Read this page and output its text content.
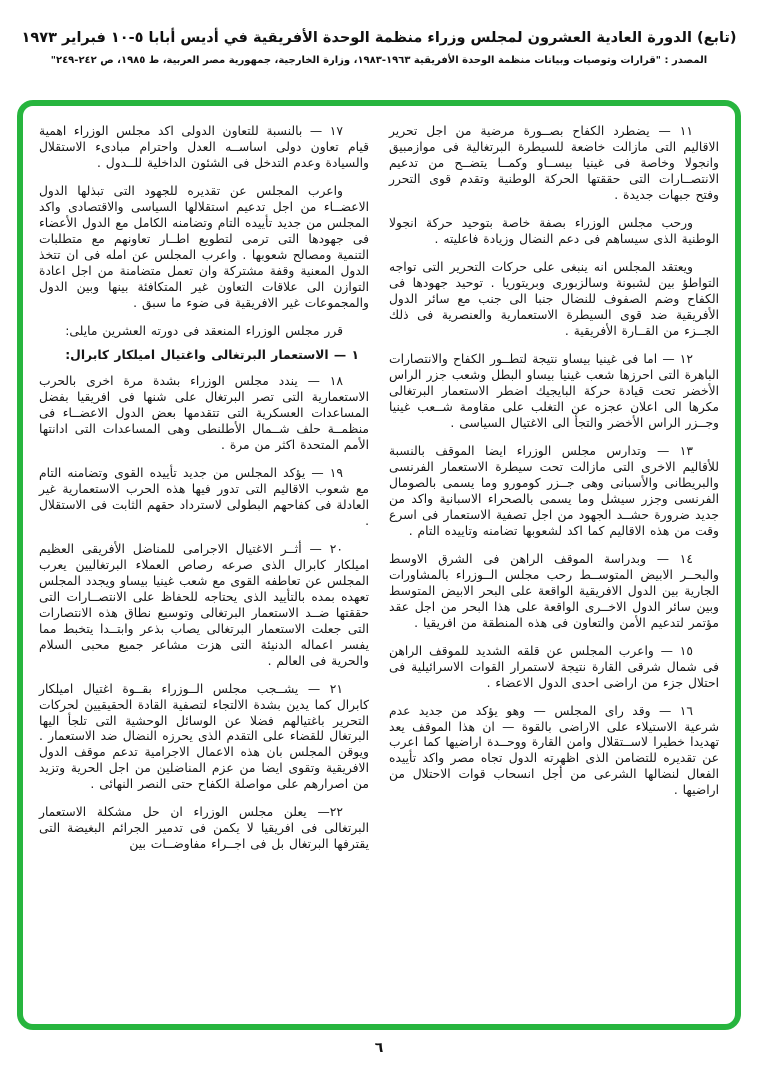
(تابع) الدورة العادية العشرون لمجلس وزراء منظمة الوحدة الأفريقية في أديس أبابا ٥-١٠ فبراير ١٩٧٣
المصدر : "قرارات وتوصيات وبيانات منظمة الوحدة الأفريقية ١٩٦٣-١٩٨٣، وزارة الخارجية، جمهورية مصر العربية، ط ١٩٨٥، ص ٢٤٢-٢٤٩"

١١ — يضطرد الكفاح بصــورة مرضية من اجل تحرير الاقاليم التى مازالت خاضعة للسيطرة البرتغالية فى موازمبيق وانجولا وخاصة فى غينيا بيســاو وكمــا يتضــح من تدعيم الانتصــارات التى حققتها الحركة الوطنية وتقدم قوى التحرر وفتح جبهات جديدة .

ورحب مجلس الوزراء بصفة خاصة بتوحيد حركة انجولا الوطنية الذى سيساهم فى دعم النضال وزيادة فاعليته .

ويعتقد المجلس انه ينبغى على حركات التحرير التى تواجه التواطؤ بين لشبونة وسالزبورى وبريتوريا . توحيد جهودها فى الكفاح وضم الصفوف للنضال جنبا الى جنب مع سائر الدول الأفريقية ضد قوى السيطرة الاستعمارية والعنصرية فى ذلك الجــزء من القــارة الأفريقية .

١٢ — اما فى غينيا بيساو نتيجة لتطــور الكفاح والانتصارات الباهرة التى احرزها شعب غينيا بيساو البطل وشعب جزر الراس الأخضر تحت قيادة حركة البايجيك اضطر الاستعمار البرتغالى مكرها الى اعلان عجزه عن التغلب على مقاومة شــعب غينيا وجــزر الراس الأخضر والتجأ الى الاغتيال السياسى .

١٣ — وتدارس مجلس الوزراء ايضا الموقف بالنسبة للأقاليم الاخرى التى مازالت تحت سيطرة الاستعمار الفرنسى والبريطانى والأسبانى وهى جــزر كومورو وما يسمى بالصومال الفرنسى وجزر سيشل وما يسمى بالصحراء الاسبانية واكد من جديد ضرورة حشــد الجهود من اجل تصفية الاستعمار فى اسرع وقت من هذه الاقاليم كما اكد لشعوبها تضامنه وتاييده التام .

١٤ — وبدراسة الموقف الراهن فى الشرق الاوسط والبحــر الابيض المتوســط رحب مجلس الــوزراء بالمشاورات الجارية بين الدول الافريقية الواقعة على البحر الابيض المتوسط وبين سائر الدول الاخــرى الواقعة على هذا البحر من اجل عقد مؤتمر لتدعيم الأمن والتعاون فى هذه المنطقة من افريقيا .

١٥ — واعرب المجلس عن قلقه الشديد للموقف الراهن فى شمال شرقى القارة نتيجة لاستمرار القوات الاسرائيلية فى احتلال جزء من اراضى احدى الدول الاعضاء .

١٦ — وقد راى المجلس — وهو يؤكد من جديد عدم شرعية الاستيلاء على الاراضى بالقوة — ان هذا الموقف يعد تهديدا خطيرا لاســتقلال وامن القارة ووحــدة اراضيها كما اعرب عن تقديره للتضامن الذى اظهرته الدول تجاه مصر واكد تأييده الفعال لنضالها الشرعى من أجل انسحاب قوات الاحتلال من اراضيها .

١٧ — بالنسبة للتعاون الدولى اكد مجلس الوزراء اهمية قيام تعاون دولى اساســه العدل واحترام مبادىء الاستقلال والسيادة وعدم التدخل فى الشئون الداخلية للــدول .

واعرب المجلس عن تقديره للجهود التى تبذلها الدول الاعضــاء من اجل تدعيم استقلالها السياسى والاقتصادى واكد المجلس من جديد تأييده التام وتضامنه الكامل مع الدول الأعضاء فى جهودها التى ترمى لتطويع اطــار تعاونهم مع متطلبات التنمية ومصالح شعوبها . واعرب المجلس عن امله فى ان تتخذ الدول المعنية وقفة مشتركة وان تعمل متضامنة من اجل اعادة التوازن الى علاقات التعاون غير المتكافئة بينها وبين الدول والمجموعات غير الافريقية فى ضوء ما سبق .

قرر مجلس الوزراء المنعقد فى دورته العشرين مايلى:

١ — الاستعمار البرتغالى واغتيال اميلكار كابرال:

١٨ — يندد مجلس الوزراء بشدة مرة اخرى بالحرب الاستعمارية التى تصر البرتغال على شنها فى افريقيا بفضل المساعدات العسكرية التى تتقدمها بعض الدول الاعضــاء فى منظمــة حلف شــمال الأطلنطى وهى المساعدات التى ادانتها الأمم المتحدة اكثر من مرة .

١٩ — يؤكد المجلس من جديد تأييده القوى وتضامنه التام مع شعوب الاقاليم التى تدور فيها هذه الحرب الاستعمارية غير العادلة فى كفاحهم البطولى لاسترداد حقهم الثابت فى الاستقلال .

٢٠ — أثــر الاغتيال الاجرامى للمناضل الأفريقى العظيم اميلكار كابرال الذى صرعه رصاص العملاء البرتغاليين يعرب المجلس عن تعاطفه القوى مع شعب غينيا بيساو ويجدد المجلس تعهده بمده بالتأييد الذى يحتاجه للحفاظ على الانتصــارات التى حققتها ضــد الاستعمار البرتغالى وتوسيع نطاق هذه الانتصارات التى جعلت الاستعمار البرتغالى يصاب بذعر وابتــدا يتخبط مما يفسر اعماله الدنيئة التى هزت مشاعر جميع محبى السلام والحرية فى العالم .

٢١ — يشــجب مجلس الــوزراء بقــوة اغتيال اميلكار كابرال كما يدين بشدة الالتجاء لتصفية القادة الحقيقيين لحركات التحرير باغتيالهم فضلا عن الوسائل الوحشية التى تلجأ اليها البرتغال للقضاء على التقدم الذى يحرزه النضال ضد الاستعمار . ويوقن المجلس بان هذه الاعمال الاجرامية تدعم موقف الدول الافريقية وتقوى ايضا من عزم المناضلين من اجل الحرية وتزيد من اصرارهم على مواصلة الكفاح حتى النصر النهائى .

٢٢— يعلن مجلس الوزراء ان حل مشكلة الاستعمار البرتغالى فى افريقيا لا يكمن فى تدمير الجرائم البغيضة التى يقترفها البرتغال بل فى اجــراء مفاوضــات بين

٦
